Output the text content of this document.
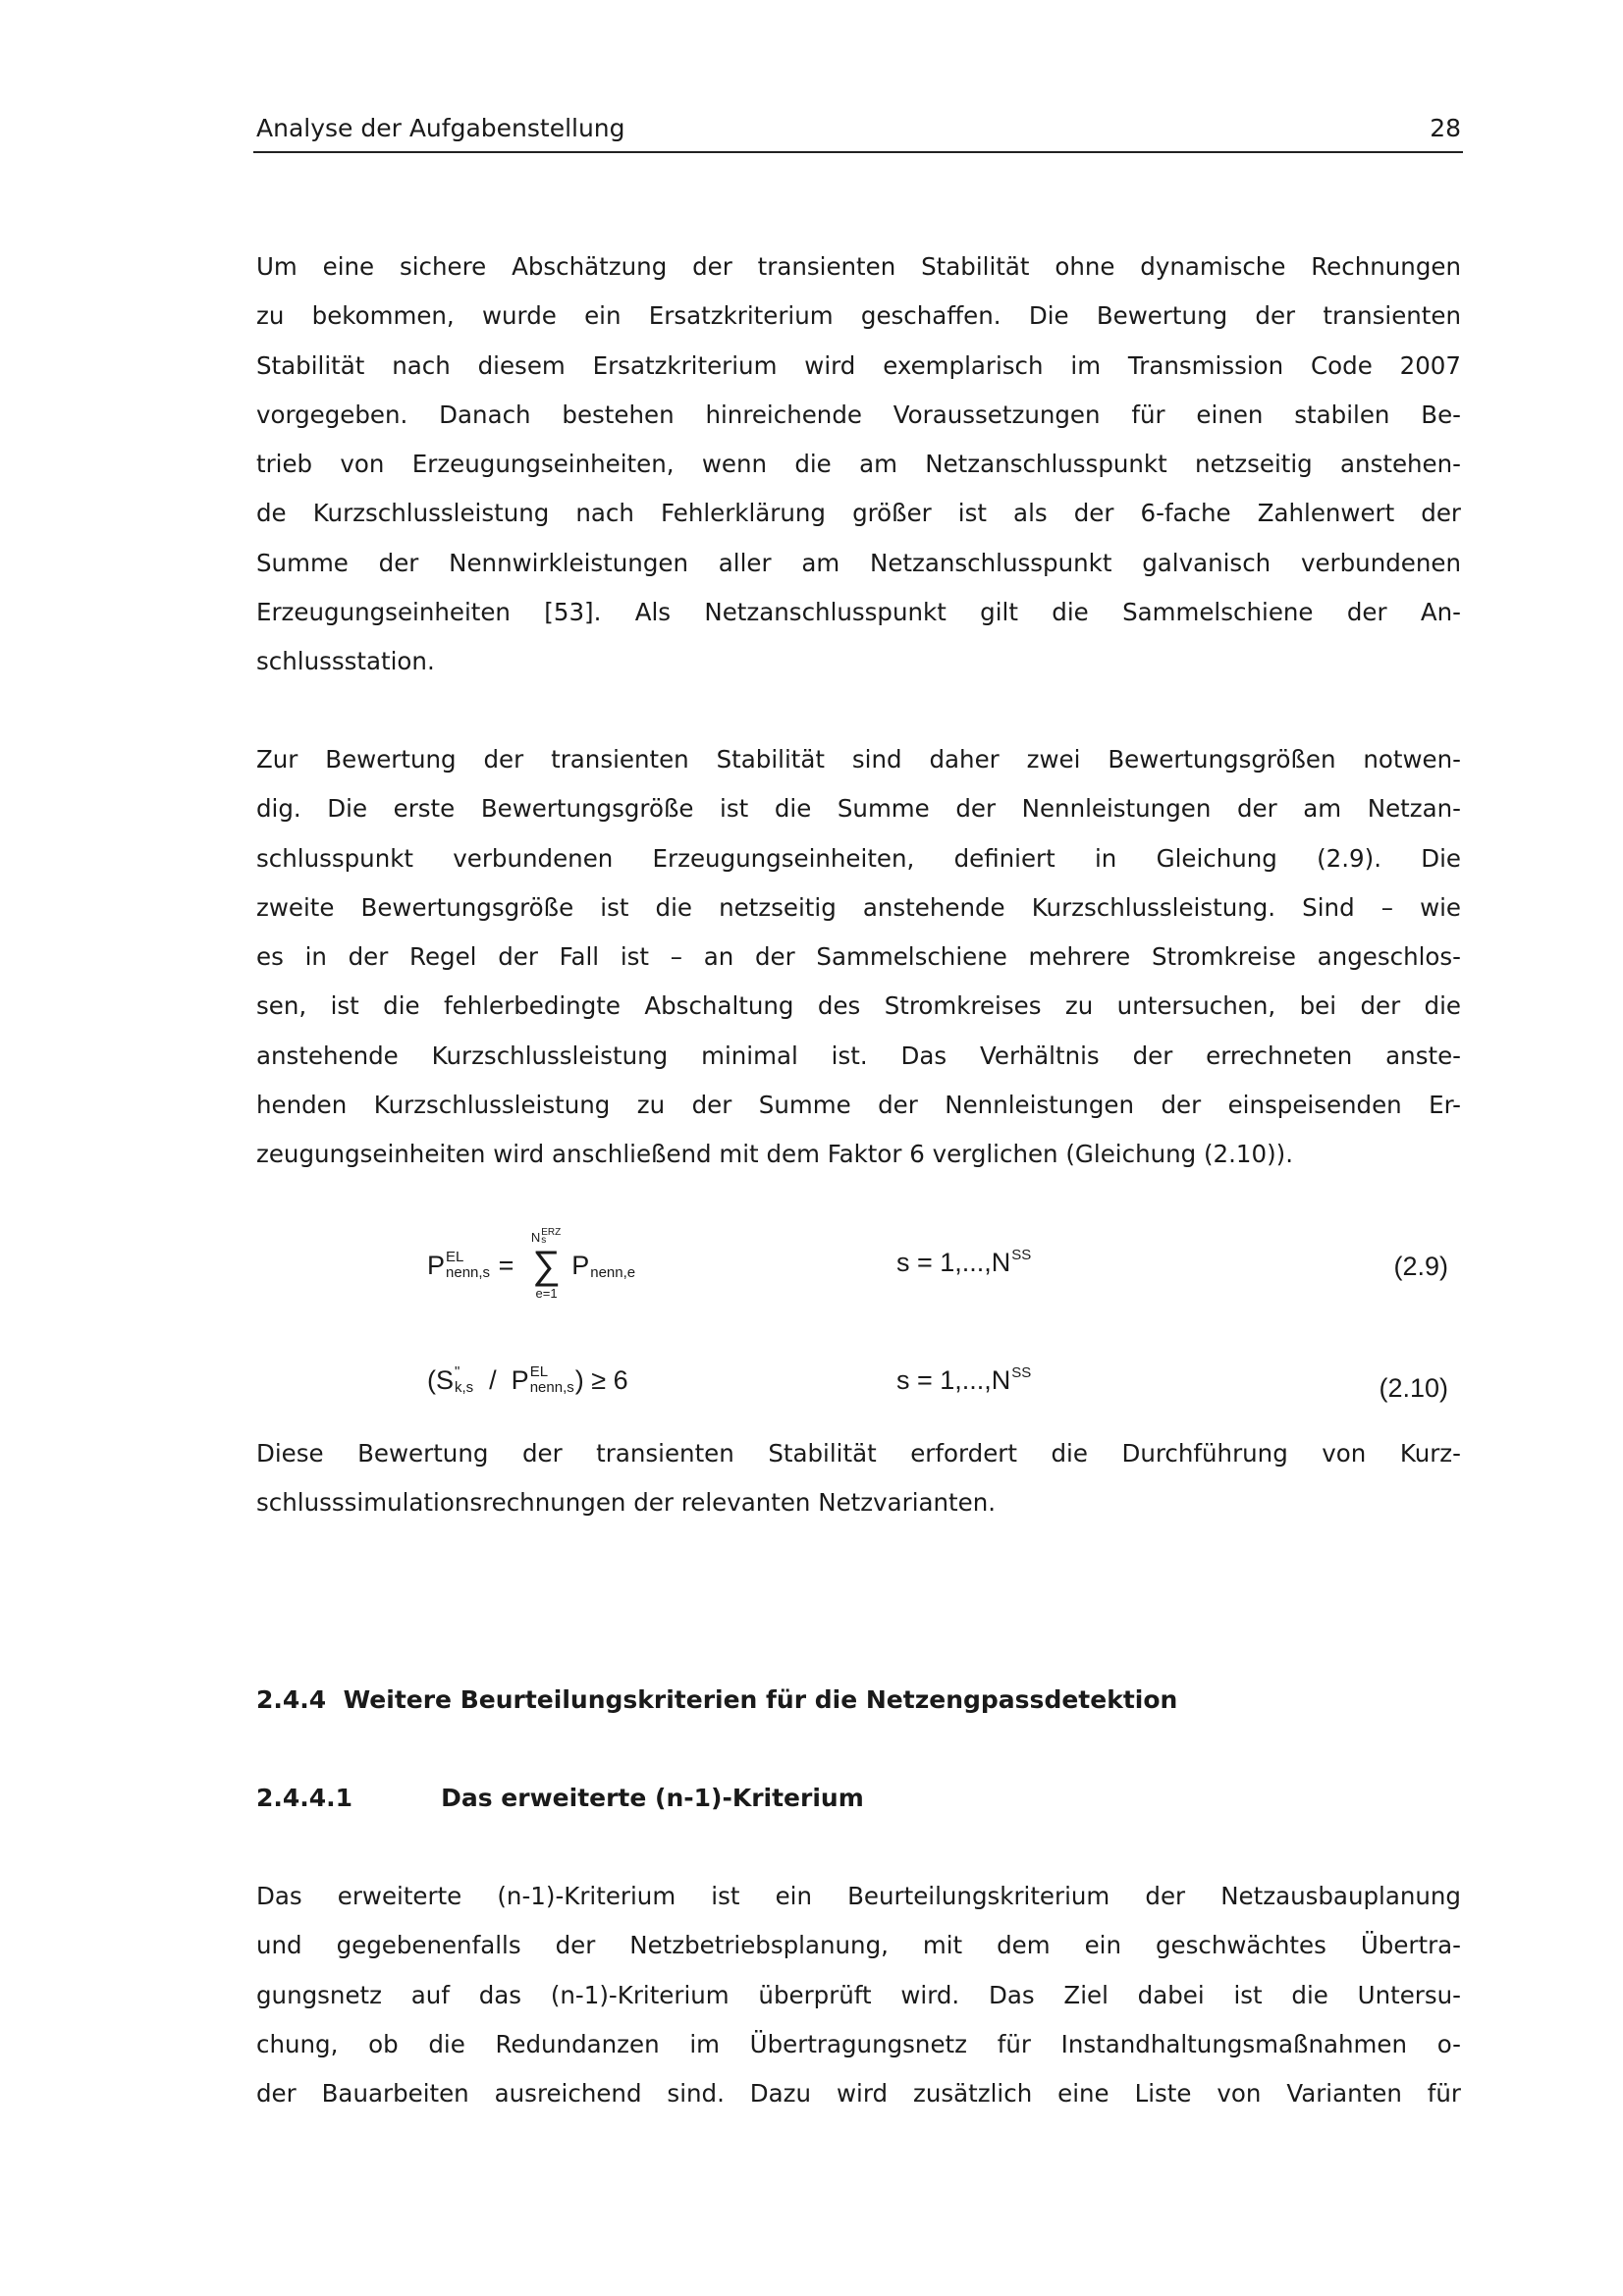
Analyse der Aufgabenstellung	28
Um eine sichere Abschätzung der transienten Stabilität ohne dynamische Rechnungen
zu bekommen, wurde ein Ersatzkriterium geschaffen. Die Bewertung der transienten
Stabilität nach diesem Ersatzkriterium wird exemplarisch im Transmission Code 2007
vorgegeben. Danach bestehen hinreichende Voraussetzungen für einen stabilen Be-
trieb von Erzeugungseinheiten, wenn die am Netzanschlusspunkt netzseitig anstehen-
de Kurzschlussleistung nach Fehlerklärung größer ist als der 6-fache Zahlenwert der
Summe der Nennwirkleistungen aller am Netzanschlusspunkt galvanisch verbundenen
Erzeugungseinheiten [53]. Als Netzanschlusspunkt gilt die Sammelschiene der An-
schlussstation.
Zur Bewertung der transienten Stabilität sind daher zwei Bewertungsgrößen notwen-
dig. Die erste Bewertungsgröße ist die Summe der Nennleistungen der am Netzan-
schlusspunkt verbundenen Erzeugungseinheiten, definiert in Gleichung (2.9). Die
zweite Bewertungsgröße ist die netzseitig anstehende Kurzschlussleistung. Sind – wie
es in der Regel der Fall ist – an der Sammelschiene mehrere Stromkreise angeschlos-
sen, ist die fehlerbedingte Abschaltung des Stromkreises zu untersuchen, bei der die
anstehende Kurzschlussleistung minimal ist. Das Verhältnis der errechneten anste-
henden Kurzschlussleistung zu der Summe der Nennleistungen der einspeisenden Er-
zeugungseinheiten wird anschließend mit dem Faktor 6 verglichen (Gleichung (2.10)).
P EL
nenn,s =
N ERZ
s
∑
e=1
P nenn,e	s = 1,...,N SS	(2.9)
(S "
k,s /  P EL
nenn,s ) ≥ 6	s = 1,...,N SS
(2.10)
Diese Bewertung der transienten Stabilität erfordert die Durchführung von Kurz-
schlusssimulationsrechnungen der relevanten Netzvarianten.
2.4.4 Weitere Beurteilungskriterien für die Netzengpassdetektion
2.4.4.1	Das erweiterte (n-1)-Kriterium
Das erweiterte (n-1)-Kriterium ist ein Beurteilungskriterium der Netzausbauplanung
und gegebenenfalls der Netzbetriebsplanung, mit dem ein geschwächtes Übertra-
gungsnetz auf das (n-1)-Kriterium überprüft wird. Das Ziel dabei ist die Untersu-
chung, ob die Redundanzen im Übertragungsnetz für Instandhaltungsmaßnahmen o-
der Bauarbeiten ausreichend sind. Dazu wird zusätzlich eine Liste von Varianten für
